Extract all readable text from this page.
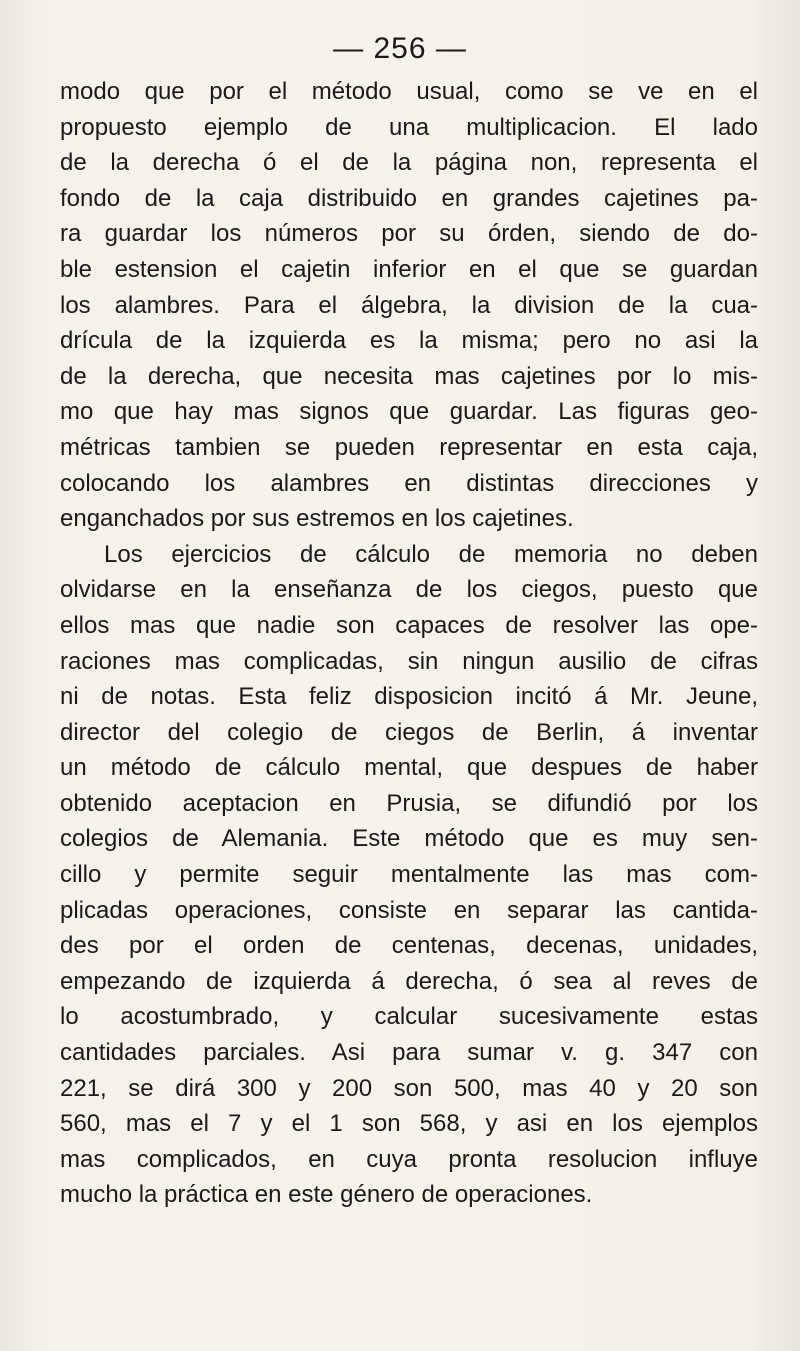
— 256 —
modo que por el método usual, como se ve en el
propuesto ejemplo de una multiplicacion. El lado
de la derecha ó el de la página non, representa el
fondo de la caja distribuido en grandes cajetines pa-
ra guardar los números por su órden, siendo de do-
ble estension el cajetin inferior en el que se guardan
los alambres. Para el álgebra, la division de la cua-
drícula de la izquierda es la misma; pero no asi la
de la derecha, que necesita mas cajetines por lo mis-
mo que hay mas signos que guardar. Las figuras geo-
métricas tambien se pueden representar en esta caja,
colocando los alambres en distintas direcciones y
enganchados por sus estremos en los cajetines.
Los ejercicios de cálculo de memoria no deben
olvidarse en la enseñanza de los ciegos, puesto que
ellos mas que nadie son capaces de resolver las ope-
raciones mas complicadas, sin ningun ausilio de cifras
ni de notas. Esta feliz disposicion incitó á Mr. Jeune,
director del colegio de ciegos de Berlin, á inventar
un método de cálculo mental, que despues de haber
obtenido aceptacion en Prusia, se difundió por los
colegios de Alemania. Este método que es muy sen-
cillo y permite seguir mentalmente las mas com-
plicadas operaciones, consiste en separar las cantida-
des por el orden de centenas, decenas, unidades,
empezando de izquierda á derecha, ó sea al reves de
lo acostumbrado, y calcular sucesivamente estas
cantidades parciales. Asi para sumar v. g. 347 con
221, se dirá 300 y 200 son 500, mas 40 y 20 son
560, mas el 7 y el 1 son 568, y asi en los ejemplos
mas complicados, en cuya pronta resolucion influye
mucho la práctica en este género de operaciones.
